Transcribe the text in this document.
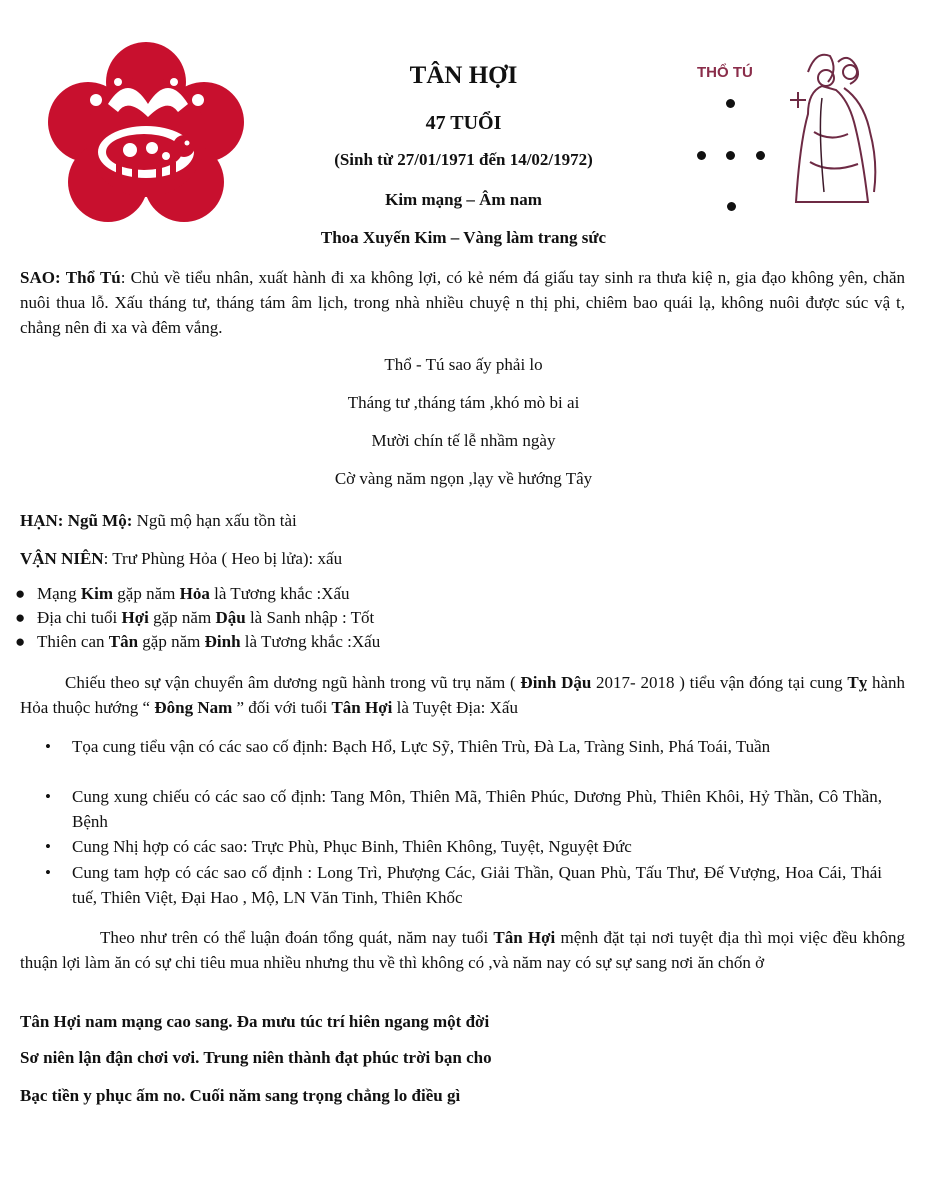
TÂN HỢI
47 TUỔI
(Sinh từ 27/01/1971 đến 14/02/1972)
Kim mạng – Âm nam
Thoa Xuyến Kim – Vàng làm trang sức
THỔ TÚ
SAO: Thổ Tú: Chủ về tiểu nhân, xuất hành đi xa không lợi, có kẻ ném đá giấu tay sinh ra thưa kiệ n, gia đạo không yên, chăn nuôi thua lỗ. Xấu tháng tư, tháng tám âm lịch, trong nhà nhiều chuyệ n thị phi, chiêm bao quái lạ, không nuôi được súc vậ t, chẳng nên đi xa và đêm vắng.
Thổ - Tú sao ấy phải lo
Tháng tư ,tháng tám ,khó mò bi ai
Mười chín tế lễ nhầm ngày
Cờ vàng năm ngọn ,lạy về hướng Tây
HẠN: Ngũ Mộ: Ngũ mộ hạn xấu tồn tài
VẬN NIÊN: Trư Phùng Hỏa ( Heo bị lửa): xấu
● Mạng Kim gặp năm Hỏa là Tương khắc :Xấu
● Địa chi tuổi Hợi gặp năm Dậu là Sanh nhập : Tốt
● Thiên can Tân gặp năm Đinh là Tương khắc :Xấu
Chiếu theo sự vận chuyển âm dương ngũ hành trong vũ trụ năm ( Đinh Dậu 2017- 2018 ) tiểu vận đóng tại cung Tỵ hành Hỏa thuộc hướng “ Đông Nam ” đối với tuổi Tân Hợi là Tuyệt Địa: Xấu
• Tọa cung tiểu vận có các sao cố định: Bạch Hổ, Lực Sỹ, Thiên Trù, Đà La, Tràng Sinh, Phá Toái, Tuần
• Cung xung chiếu có các sao cố định: Tang Môn, Thiên Mã, Thiên Phúc, Dương Phù, Thiên Khôi, Hỷ Thần, Cô Thần, Bệnh
• Cung Nhị hợp có các sao: Trực Phù, Phục Binh, Thiên Không, Tuyệt, Nguyệt Đức
• Cung tam hợp có các sao cố định : Long Trì, Phượng Các, Giải Thần, Quan Phù, Tấu Thư, Đế Vượng, Hoa Cái, Thái tuế, Thiên Việt, Đại Hao , Mộ, LN Văn Tinh, Thiên Khốc
Theo như trên có thể luận đoán tổng quát, năm nay tuổi Tân Hợi mệnh đặt tại nơi tuyệt địa thì mọi việc đều không thuận lợi làm ăn có sự chi tiêu mua nhiều nhưng thu về thì không có ,và năm nay có sự sự sang nơi ăn chốn ở
Tân Hợi nam mạng cao sang. Đa mưu túc trí hiên ngang một đời
Sơ niên lận đận chơi vơi. Trung niên thành đạt phúc trời bạn cho
Bạc tiền y phục ấm no. Cuối năm sang trọng chẳng lo điều gì
